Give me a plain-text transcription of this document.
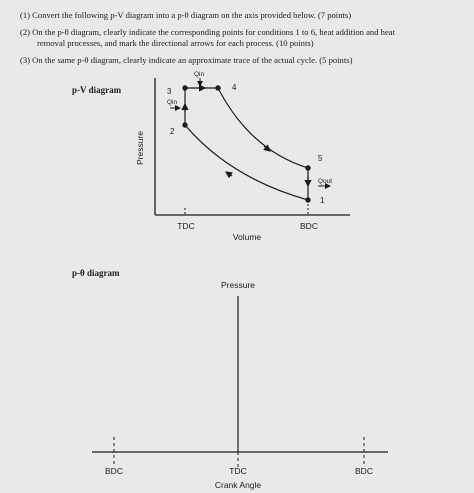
(1) Convert the following p-V diagram into a p-θ diagram on the axis provided below. (7 points)
(2) On the p-θ diagram, clearly indicate the corresponding points for conditions 1 to 6, heat addition and heat
removal processes, and mark the directional arrows for each process. (10 points)
(3) On the same p-θ diagram, clearly indicate an approximate trace of the actual cycle. (5 points)
p-V diagram
p-θ diagram
Pressure
Volume
TDC	BDC
1
2
3	4
5
Qin
Qin
Qout
Pressure
BDC	TDC	BDC
Crank Angle
